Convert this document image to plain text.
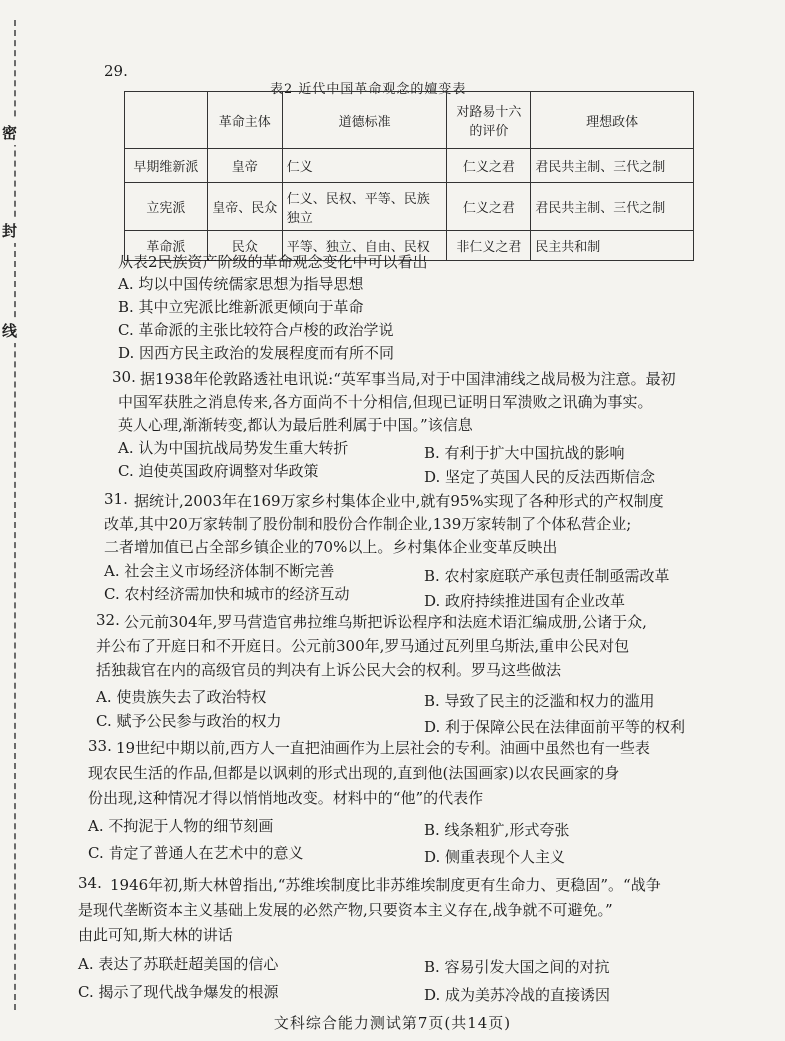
密
封
线
29.
表2 近代中国革命观念的嬗变表
	革命主体	道德标准	对路易十六的评价	理想政体
早期维新派	皇帝	仁义	仁义之君	君民共主制、三代之制
立宪派	皇帝、民众	仁义、民权、平等、民族独立	仁义之君	君民共主制、三代之制
革命派	民众	平等、独立、自由、民权	非仁义之君	民主共和制
从表2民族资产阶级的革命观念变化中可以看出
A. 均以中国传统儒家思想为指导思想
B. 其中立宪派比维新派更倾向于革命
C. 革命派的主张比较符合卢梭的政治学说
D. 因西方民主政治的发展程度而有所不同
30. 据1938年伦敦路透社电讯说:“英军事当局,对于中国津浦线之战局极为注意。最初
中国军获胜之消息传来,各方面尚不十分相信,但现已证明日军溃败之讯确为事实。
英人心理,渐渐转变,都认为最后胜利属于中国。”该信息
A. 认为中国抗战局势发生重大转折	B. 有利于扩大中国抗战的影响
C. 迫使英国政府调整对华政策	D. 坚定了英国人民的反法西斯信念
31. 据统计,2003年在169万家乡村集体企业中,就有95%实现了各种形式的产权制度
改革,其中20万家转制了股份制和股份合作制企业,139万家转制了个体私营企业;
二者增加值已占全部乡镇企业的70%以上。乡村集体企业变革反映出
A. 社会主义市场经济体制不断完善	B. 农村家庭联产承包责任制亟需改革
C. 农村经济需加快和城市的经济互动	D. 政府持续推进国有企业改革
32. 公元前304年,罗马营造官弗拉维乌斯把诉讼程序和法庭术语汇编成册,公诸于众,
并公布了开庭日和不开庭日。公元前300年,罗马通过瓦列里乌斯法,重申公民对包
括独裁官在内的高级官员的判决有上诉公民大会的权利。罗马这些做法
A. 使贵族失去了政治特权	B. 导致了民主的泛滥和权力的滥用
C. 赋予公民参与政治的权力	D. 利于保障公民在法律面前平等的权利
33. 19世纪中期以前,西方人一直把油画作为上层社会的专利。油画中虽然也有一些表
现农民生活的作品,但都是以讽刺的形式出现的,直到他(法国画家)以农民画家的身
份出现,这种情况才得以悄悄地改变。材料中的“他”的代表作
A. 不拘泥于人物的细节刻画	B. 线条粗犷,形式夸张
C. 肯定了普通人在艺术中的意义	D. 侧重表现个人主义
34. 1946年初,斯大林曾指出,“苏维埃制度比非苏维埃制度更有生命力、更稳固”。“战争
是现代垄断资本主义基础上发展的必然产物,只要资本主义存在,战争就不可避免。”
由此可知,斯大林的讲话
A. 表达了苏联赶超美国的信心	B. 容易引发大国之间的对抗
C. 揭示了现代战争爆发的根源	D. 成为美苏冷战的直接诱因
文科综合能力测试第7页(共14页)
